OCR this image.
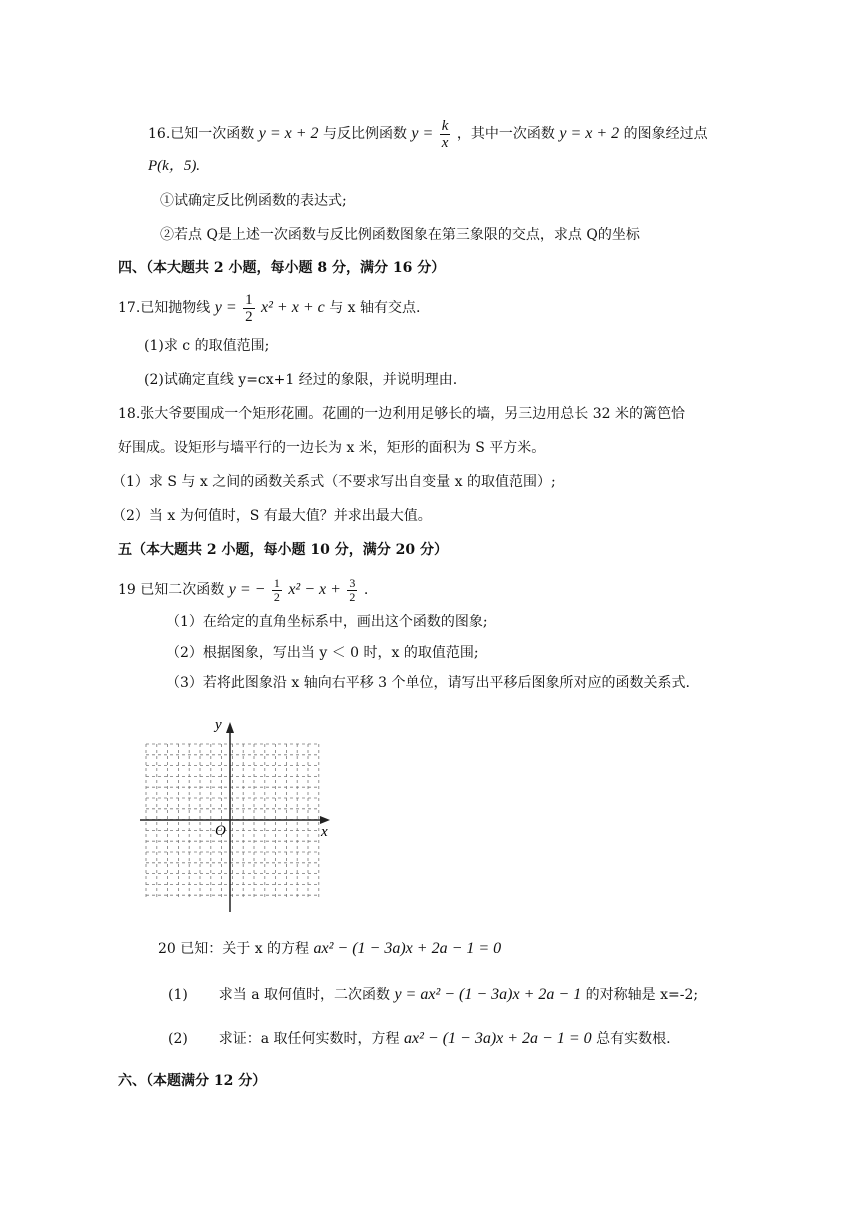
16.已知一次函数 y = x + 2 与反比例函数 $y = \frac{k}{x}$ ，其中一次函数 y = x + 2 的图象经过点
P(k，5).
①试确定反比例函数的表达式;
②若点 Q是上述一次函数与反比例函数图象在第三象限的交点，求点 Q的坐标
四、（本大题共 2 小题，每小题 8 分，满分 16 分）
17.已知抛物线 $y = \frac{1}{2} x^2 + x + c$ 与 x 轴有交点.
(1)求 c 的取值范围;
(2)试确定直线 y=cx+1 经过的象限，并说明理由.
18.张大爷要围成一个矩形花圃。花圃的一边利用足够长的墙，另三边用总长 32 米的篱笆恰
好围成。设矩形与墙平行的一边长为 x 米，矩形的面积为 S 平方米。
（1）求 S 与 x 之间的函数关系式（不要求写出自变量 x 的取值范围）;
（2）当 x 为何值时，S 有最大值？并求出最大值。
五（本大题共 2 小题，每小题 10 分，满分 20 分）
19 已知二次函数 y = − $\frac{1}{2} x^2 - x + \frac{3}{2}$ .
（1）在给定的直角坐标系中，画出这个函数的图象;
（2）根据图象，写出当 y ＜ 0 时，x 的取值范围;
（3）若将此图象沿 x 轴向右平移 3 个单位，请写出平移后图象所对应的函数关系式.
x
y
O
20 已知：关于 x 的方程 ax² − (1 − 3a)x + 2a − 1 = 0
(1) 求当 a 取何值时，二次函数 y = ax² − (1 − 3a)x + 2a − 1 的对称轴是 x=-2;
(2) 求证：a 取任何实数时，方程 ax² − (1 − 3a)x + 2a − 1 = 0 总有实数根.
六、（本题满分 12 分）
